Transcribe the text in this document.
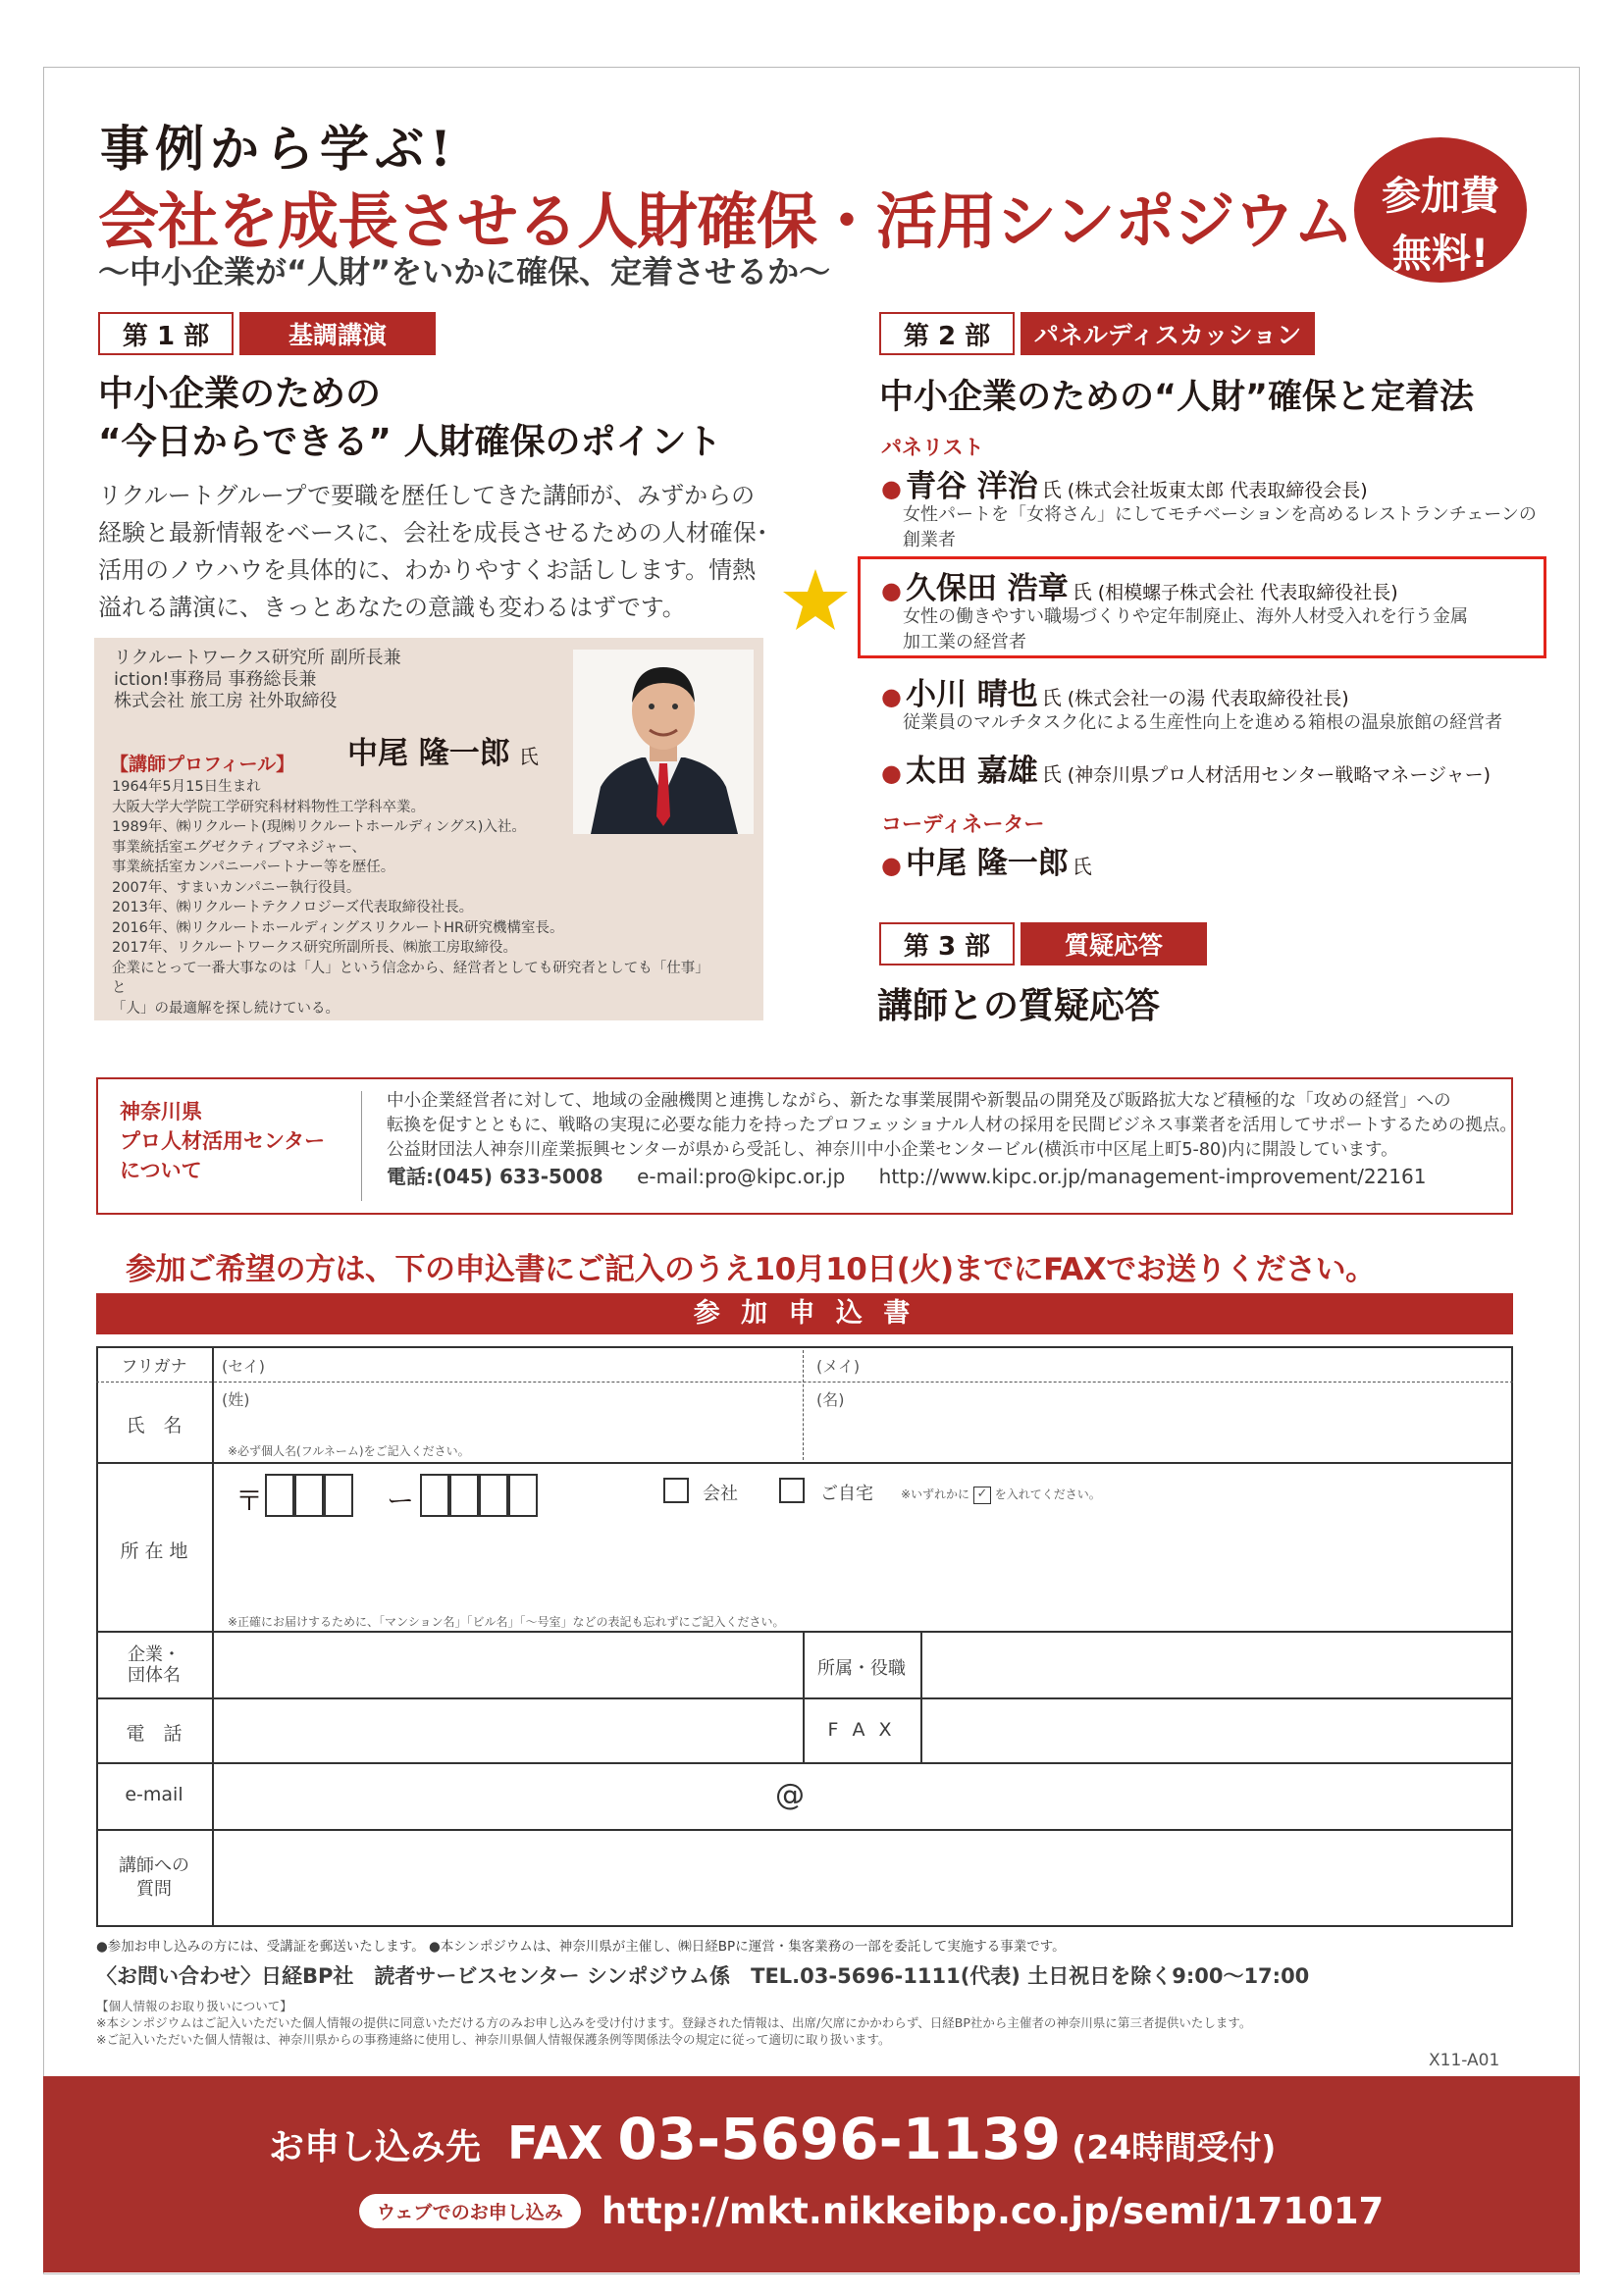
事例から学ぶ!
会社を成長させる人財確保・活用シンポジウム
〜中小企業が“人財”をいかに確保、定着させるか〜
参加費
無料!
第 1 部	基調講演
中小企業のための
“今日からできる” 人財確保のポイント
リクルートグループで要職を歴任してきた講師が、みずからの経験と最新情報をベースに、会社を成長させるための人材確保･活用のノウハウを具体的に、わかりやすくお話しします。情熱溢れる講演に、きっとあなたの意識も変わるはずです。
リクルートワークス研究所 副所長兼
iction!事務局 事務総長兼
株式会社 旅工房 社外取締役
中尾 隆一郎 氏
【講師プロフィール】
1964年5月15日生まれ
大阪大学大学院工学研究科材料物性工学科卒業。
1989年、㈱リクルート(現㈱リクルートホールディングス)入社。
事業統括室エグゼクティブマネジャー、
事業統括室カンパニーパートナー等を歴任。
2007年、すまいカンパニー執行役員。
2013年、㈱リクルートテクノロジーズ代表取締役社長。
2016年、㈱リクルートホールディングスリクルートHR研究機構室長。
2017年、リクルートワークス研究所副所長、㈱旅工房取締役。
企業にとって一番大事なのは「人」という信念から、経営者としても研究者としても「仕事」と
「人」の最適解を探し続けている。
第 2 部	パネルディスカッション
中小企業のための“人財”確保と定着法
パネリスト
● 青谷 洋治 氏 (株式会社坂東太郎 代表取締役会長)
女性パートを「女将さん」にしてモチベーションを高めるレストランチェーンの
創業者
● 久保田 浩章 氏 (相模螺子株式会社 代表取締役社長)
女性の働きやすい職場づくりや定年制廃止、海外人材受入れを行う金属
加工業の経営者
● 小川 晴也 氏 (株式会社一の湯 代表取締役社長)
従業員のマルチタスク化による生産性向上を進める箱根の温泉旅館の経営者
● 太田 嘉雄 氏 (神奈川県プロ人材活用センター戦略マネージャー)
コーディネーター
● 中尾 隆一郎 氏
第 3 部	質疑応答
講師との質疑応答
神奈川県
プロ人材活用センター
について
中小企業経営者に対して、地域の金融機関と連携しながら、新たな事業展開や新製品の開発及び販路拡大など積極的な「攻めの経営」への
転換を促すとともに、戦略の実現に必要な能力を持ったプロフェッショナル人材の採用を民間ビジネス事業者を活用してサポートするための拠点。
公益財団法人神奈川産業振興センターが県から受託し、神奈川中小企業センタービル(横浜市中区尾上町5-80)内に開設しています。
電話:(045) 633-5008 e-mail:pro@kipc.or.jp http://www.kipc.or.jp/management-improvement/22161
参加ご希望の方は、下の申込書にご記入のうえ10月10日(火)までにFAXでお送りください。
参 加 申 込 書
フリガナ	(セイ)	(メイ)
氏　名
(姓)	(名)
※必ず個人名(フルネーム)をご記入ください。
所 在 地
〒	ー	会社	ご自宅 ※いずれかに ✓ を入れてください。
※正確にお届けするために、「マンション名」「ビル名」「〜号室」などの表記も忘れずにご記入ください。
企業・
団体名	所属・役職
電　話	F A X
e-mail	@
講師への
質問
●参加お申し込みの方には、受講証を郵送いたします。 ●本シンポジウムは、神奈川県が主催し、㈱日経BPに運営・集客業務の一部を委託して実施する事業です。
〈お問い合わせ〉日経BP社　読者サービスセンター シンポジウム係　TEL.03-5696-1111(代表) 土日祝日を除く9:00〜17:00
【個人情報のお取り扱いについて】
※本シンポジウムはご記入いただいた個人情報の提供に同意いただける方のみお申し込みを受け付けます。登録された情報は、出席/欠席にかかわらず、日経BP社から主催者の神奈川県に第三者提供いたします。
※ご記入いただいた個人情報は、神奈川県からの事務連絡に使用し、神奈川県個人情報保護条例等関係法令の規定に従って適切に取り扱います。
X11-A01
お申し込み先 FAX 03-5696-1139 (24時間受付)
ウェブでのお申し込み http://mkt.nikkeibp.co.jp/semi/171017
